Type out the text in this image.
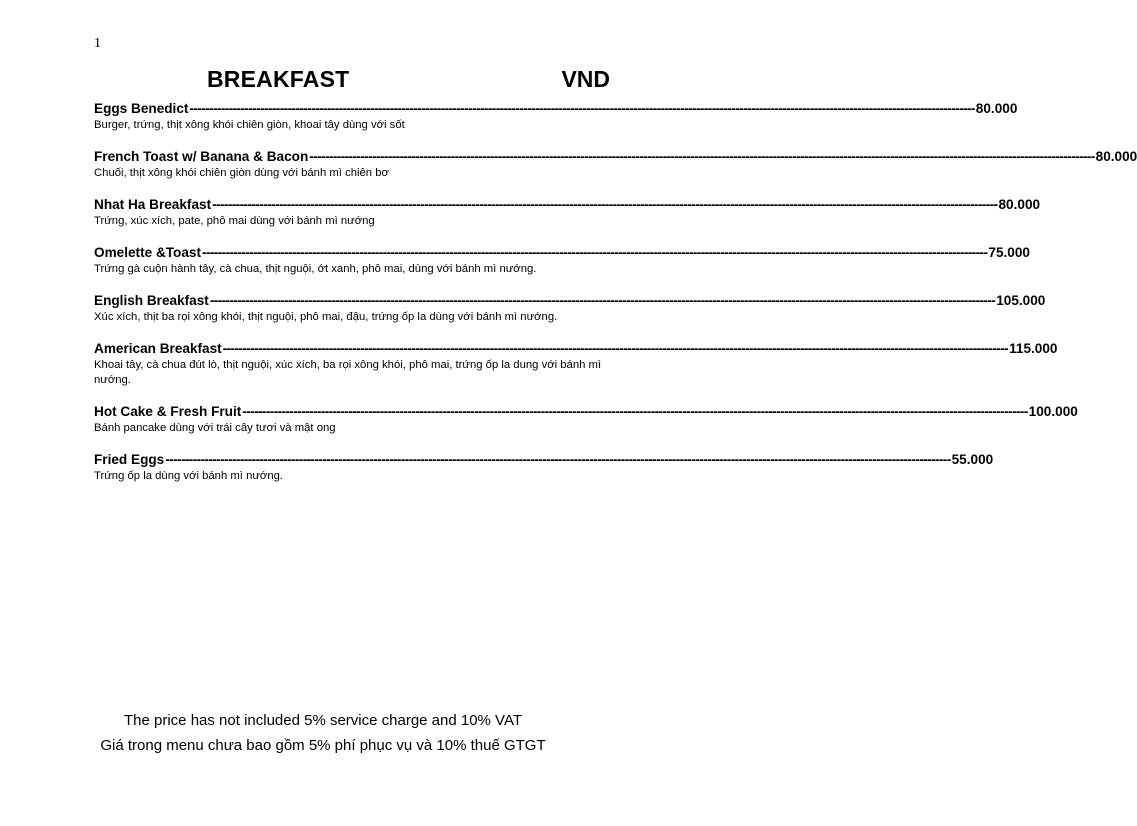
1
BREAKFAST	VND
Eggs Benedict -------------------------------------------------------------------------------------------------------------------------------------------------------------------------------------------------------- 80.000
Burger, trứng, thịt xông khói chiên giòn, khoai tây dùng với sốt
French Toast w/ Banana & Bacon -------------------------------------------------------------------------------------------------------------------------------------------------------------------------------------------------------- 80.000
Chuối, thịt xông khói chiên giòn dùng với bánh mì chiên bơ
Nhat Ha Breakfast -------------------------------------------------------------------------------------------------------------------------------------------------------------------------------------------------------- 80.000
Trứng, xúc xích, pate, phô mai dùng với bánh mì nướng
Omelette &Toast -------------------------------------------------------------------------------------------------------------------------------------------------------------------------------------------------------- 75.000
Trứng gà cuộn hành tây, cà chua, thịt nguội, ớt xanh, phô mai, dùng với bánh mì nướng.
English Breakfast -------------------------------------------------------------------------------------------------------------------------------------------------------------------------------------------------------- 105.000
Xúc xích, thịt ba rọi xông khói, thịt nguội, phô mai, đậu, trứng ốp la dùng với bánh mì nướng.
American Breakfast -------------------------------------------------------------------------------------------------------------------------------------------------------------------------------------------------------- 115.000
Khoai tây, cà chua đút lò, thịt nguội, xúc xích, ba rọi xông khói, phô mai, trứng ốp la dung với bánh mì nướng.
Hot Cake & Fresh Fruit -------------------------------------------------------------------------------------------------------------------------------------------------------------------------------------------------------- 100.000
Bánh pancake dùng với trái cây tươi và mật ong
Fried Eggs -------------------------------------------------------------------------------------------------------------------------------------------------------------------------------------------------------- 55.000
Trứng ốp la dùng với bánh mì nướng.
The price has not included 5% service charge and 10% VAT
Giá trong menu chưa bao gồm 5% phí phục vụ và 10% thuế GTGT
